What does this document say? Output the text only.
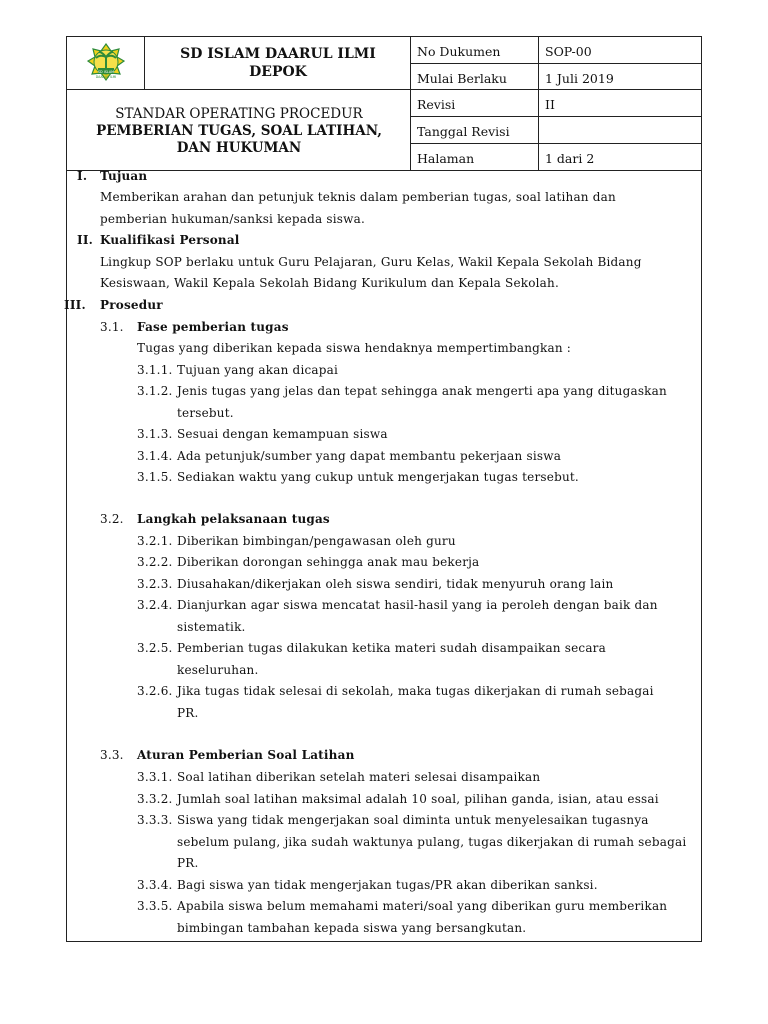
SD ISLAM
DAARUL ILMI
SD ISLAM DAARUL ILMI
DEPOK
STANDAR OPERATING PROCEDUR
PEMBERIAN TUGAS, SOAL LATIHAN,
DAN HUKUMAN
No Dukumen	SOP-00
Mulai Berlaku	1 Juli 2019
Revisi	II
Tanggal Revisi
Halaman	1 dari 2
I. Tujuan
Memberikan arahan dan petunjuk teknis dalam pemberian tugas, soal latihan dan
pemberian hukuman/sanksi kepada siswa.
II. Kualifikasi Personal
Lingkup SOP berlaku untuk Guru Pelajaran, Guru Kelas, Wakil Kepala Sekolah Bidang
Kesiswaan, Wakil Kepala Sekolah Bidang Kurikulum dan Kepala Sekolah.
III. Prosedur
3.1. Fase pemberian tugas
Tugas yang diberikan kepada siswa hendaknya mempertimbangkan :
3.1.1. Tujuan yang akan dicapai
3.1.2. Jenis tugas yang jelas dan tepat sehingga anak mengerti apa yang ditugaskan
tersebut.
3.1.3. Sesuai dengan kemampuan siswa
3.1.4. Ada petunjuk/sumber yang dapat membantu pekerjaan siswa
3.1.5. Sediakan waktu yang cukup untuk mengerjakan tugas tersebut.
3.2. Langkah pelaksanaan tugas
3.2.1. Diberikan bimbingan/pengawasan oleh guru
3.2.2. Diberikan dorongan sehingga anak mau bekerja
3.2.3. Diusahakan/dikerjakan oleh siswa sendiri, tidak menyuruh orang lain
3.2.4. Dianjurkan agar siswa mencatat hasil-hasil yang ia peroleh dengan baik dan
sistematik.
3.2.5. Pemberian tugas dilakukan ketika materi sudah disampaikan secara
keseluruhan.
3.2.6. Jika tugas tidak selesai di sekolah, maka tugas dikerjakan di rumah sebagai
PR.
3.3. Aturan Pemberian Soal Latihan
3.3.1. Soal latihan diberikan setelah materi selesai disampaikan
3.3.2. Jumlah soal latihan maksimal adalah 10 soal, pilihan ganda, isian, atau essai
3.3.3. Siswa yang tidak mengerjakan soal diminta untuk menyelesaikan tugasnya
sebelum pulang, jika sudah waktunya pulang, tugas dikerjakan di rumah sebagai
PR.
3.3.4. Bagi siswa yan tidak mengerjakan tugas/PR akan diberikan sanksi.
3.3.5. Apabila siswa belum memahami materi/soal yang diberikan guru memberikan
bimbingan tambahan kepada siswa yang bersangkutan.
